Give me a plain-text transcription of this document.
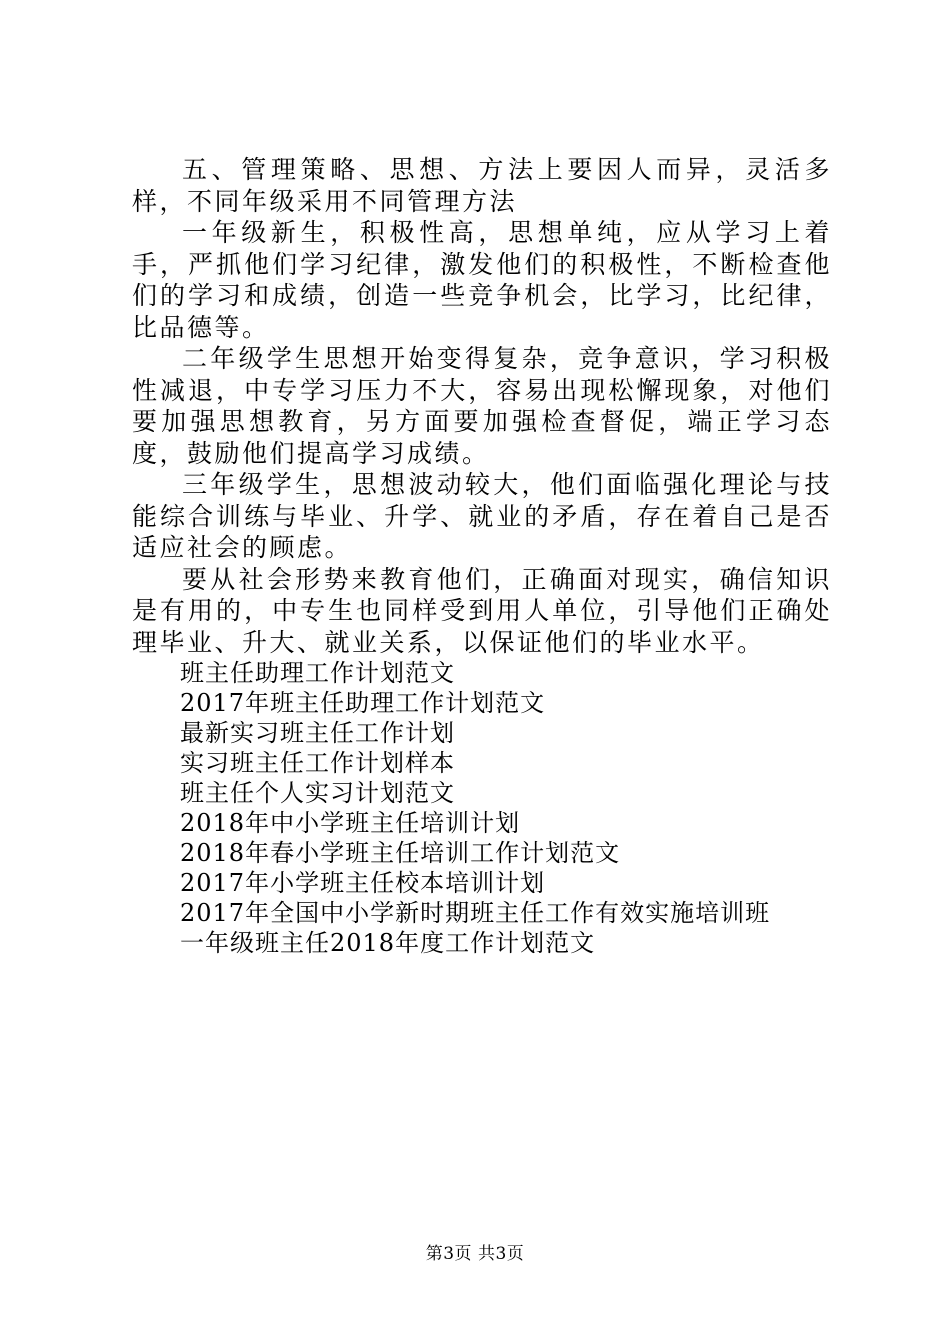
五、管理策略、思想、方法上要因人而异，灵活多样，不同年级采用不同管理方法

一年级新生，积极性高，思想单纯，应从学习上着手，严抓他们学习纪律，激发他们的积极性，不断检查他们的学习和成绩，创造一些竞争机会，比学习，比纪律，比品德等。

二年级学生思想开始变得复杂，竞争意识，学习积极性减退，中专学习压力不大，容易出现松懈现象，对他们要加强思想教育，另方面要加强检查督促，端正学习态度，鼓励他们提高学习成绩。

三年级学生，思想波动较大，他们面临强化理论与技能综合训练与毕业、升学、就业的矛盾，存在着自己是否适应社会的顾虑。

要从社会形势来教育他们，正确面对现实，确信知识是有用的，中专生也同样受到用人单位，引导他们正确处理毕业、升大、就业关系，以保证他们的毕业水平。

班主任助理工作计划范文
2017年班主任助理工作计划范文
最新实习班主任工作计划
实习班主任工作计划样本
班主任个人实习计划范文
2018年中小学班主任培训计划
2018年春小学班主任培训工作计划范文
2017年小学班主任校本培训计划
2017年全国中小学新时期班主任工作有效实施培训班
一年级班主任2018年度工作计划范文
第3页 共3页
